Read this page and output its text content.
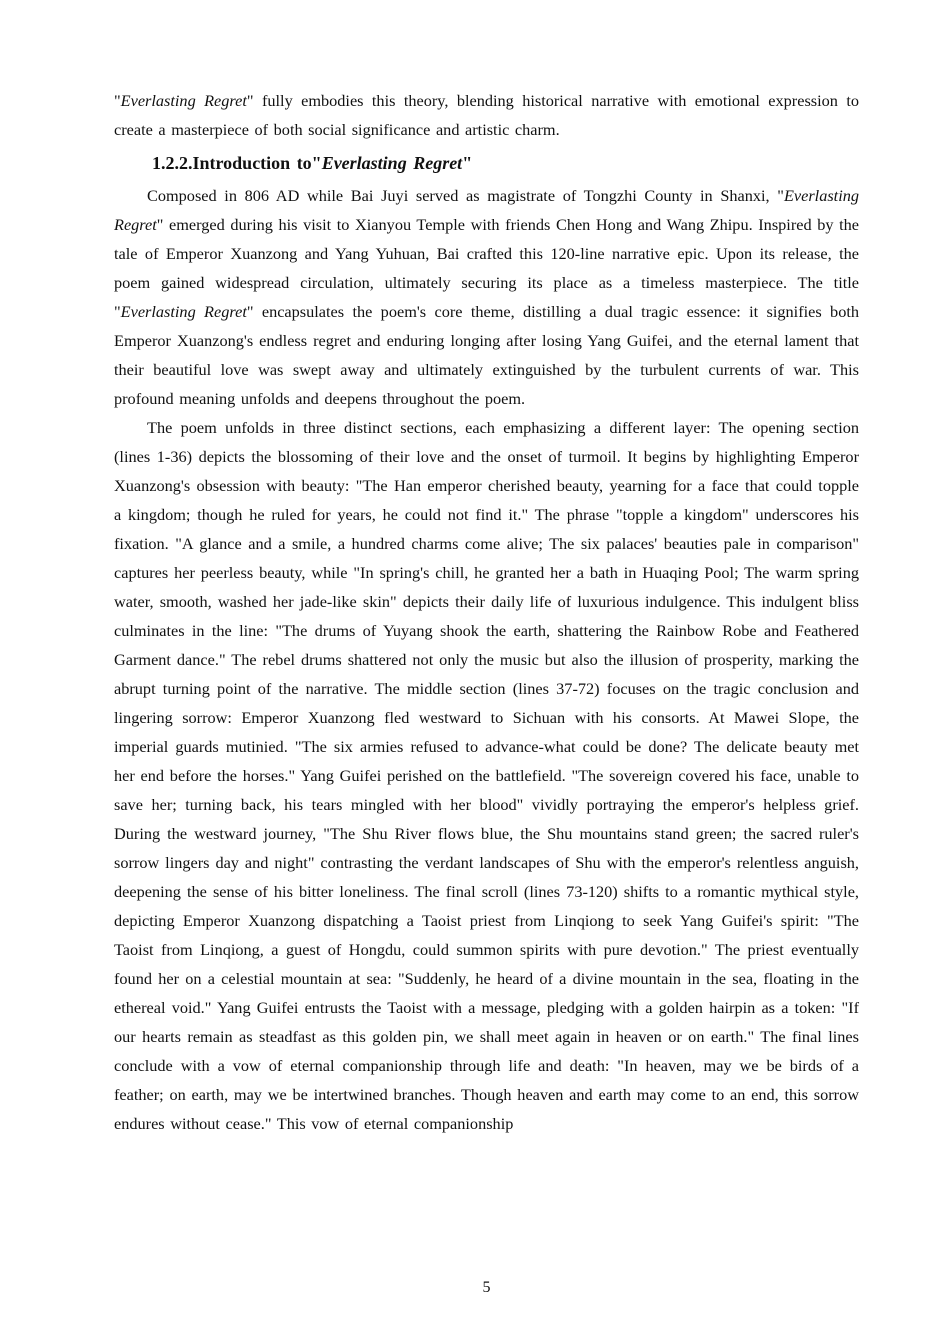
"Everlasting Regret" fully embodies this theory, blending historical narrative with emotional expression to create a masterpiece of both social significance and artistic charm.

1.2.2.Introduction to"Everlasting Regret"

Composed in 806 AD while Bai Juyi served as magistrate of Tongzhi County in Shanxi, "Everlasting Regret" emerged during his visit to Xianyou Temple with friends Chen Hong and Wang Zhipu. Inspired by the tale of Emperor Xuanzong and Yang Yuhuan, Bai crafted this 120-line narrative epic. Upon its release, the poem gained widespread circulation, ultimately securing its place as a timeless masterpiece. The title "Everlasting Regret" encapsulates the poem's core theme, distilling a dual tragic essence: it signifies both Emperor Xuanzong's endless regret and enduring longing after losing Yang Guifei, and the eternal lament that their beautiful love was swept away and ultimately extinguished by the turbulent currents of war. This profound meaning unfolds and deepens throughout the poem.

The poem unfolds in three distinct sections, each emphasizing a different layer: The opening section (lines 1-36) depicts the blossoming of their love and the onset of turmoil. It begins by highlighting Emperor Xuanzong's obsession with beauty: "The Han emperor cherished beauty, yearning for a face that could topple a kingdom; though he ruled for years, he could not find it." The phrase "topple a kingdom" underscores his fixation. "A glance and a smile, a hundred charms come alive; The six palaces' beauties pale in comparison" captures her peerless beauty, while "In spring's chill, he granted her a bath in Huaqing Pool; The warm spring water, smooth, washed her jade-like skin" depicts their daily life of luxurious indulgence. This indulgent bliss culminates in the line: "The drums of Yuyang shook the earth, shattering the Rainbow Robe and Feathered Garment dance." The rebel drums shattered not only the music but also the illusion of prosperity, marking the abrupt turning point of the narrative. The middle section (lines 37-72) focuses on the tragic conclusion and lingering sorrow: Emperor Xuanzong fled westward to Sichuan with his consorts. At Mawei Slope, the imperial guards mutinied. "The six armies refused to advance-what could be done? The delicate beauty met her end before the horses." Yang Guifei perished on the battlefield. "The sovereign covered his face, unable to save her; turning back, his tears mingled with her blood" vividly portraying the emperor's helpless grief. During the westward journey, "The Shu River flows blue, the Shu mountains stand green; the sacred ruler's sorrow lingers day and night" contrasting the verdant landscapes of Shu with the emperor's relentless anguish, deepening the sense of his bitter loneliness. The final scroll (lines 73-120) shifts to a romantic mythical style, depicting Emperor Xuanzong dispatching a Taoist priest from Linqiong to seek Yang Guifei's spirit: "The Taoist from Linqiong, a guest of Hongdu, could summon spirits with pure devotion." The priest eventually found her on a celestial mountain at sea: "Suddenly, he heard of a divine mountain in the sea, floating in the ethereal void." Yang Guifei entrusts the Taoist with a message, pledging with a golden hairpin as a token: "If our hearts remain as steadfast as this golden pin, we shall meet again in heaven or on earth." The final lines conclude with a vow of eternal companionship through life and death: "In heaven, may we be birds of a feather; on earth, may we be intertwined branches. Though heaven and earth may come to an end, this sorrow endures without cease." This vow of eternal companionship

5
